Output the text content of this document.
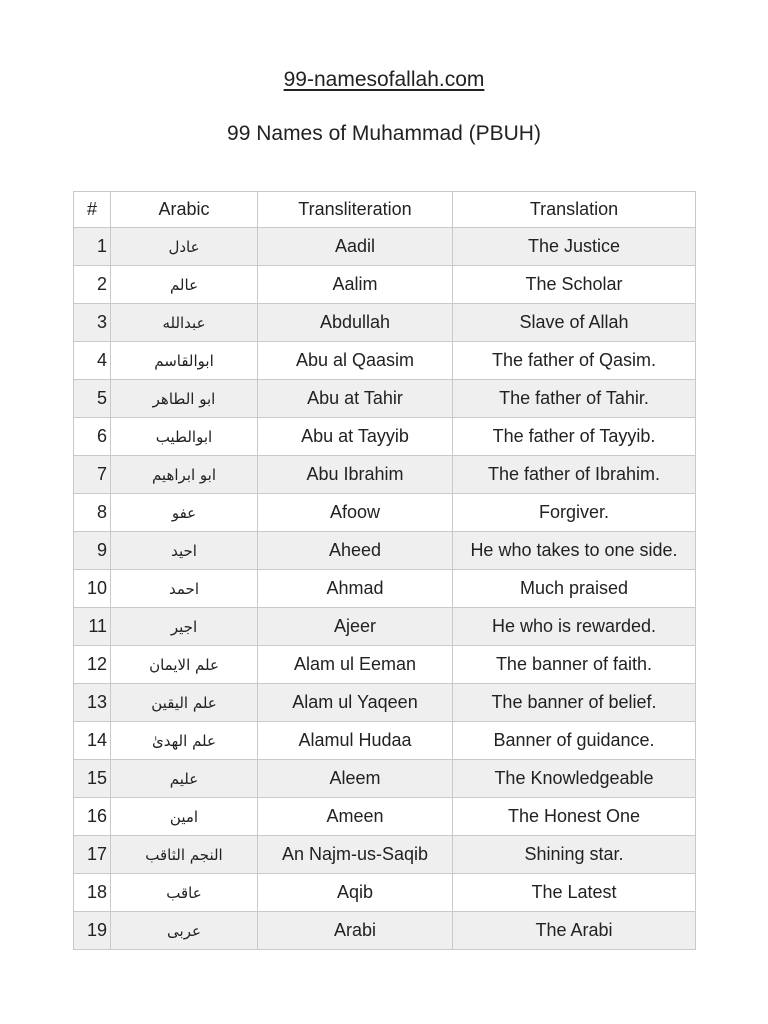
99-namesofallah.com
99 Names of Muhammad (PBUH)
#	Arabic	Transliteration	Translation
1	عادل	Aadil	The Justice
2	عالم	Aalim	The Scholar
3	عبدالله	Abdullah	Slave of Allah
4	ابوالقاسم	Abu al Qaasim	The father of Qasim.
5	ابو الطاهر	Abu at Tahir	The father of Tahir.
6	ابوالطيب	Abu at Tayyib	The father of Tayyib.
7	ابو ابراهيم	Abu Ibrahim	The father of Ibrahim.
8	عفو	Afoow	Forgiver.
9	احيد	Aheed	He who takes to one side.
10	احمد	Ahmad	Much praised
11	اجير	Ajeer	He who is rewarded.
12	علم الايمان	Alam ul Eeman	The banner of faith.
13	علم اليقين	Alam ul Yaqeen	The banner of belief.
14	علم الهدىٰ	Alamul Hudaa	Banner of guidance.
15	عليم	Aleem	The Knowledgeable
16	امين	Ameen	The Honest One
17	النجم الثاقب	An Najm-us-Saqib	Shining star.
18	عاقب	Aqib	The Latest
19	عربى	Arabi	The Arabi
